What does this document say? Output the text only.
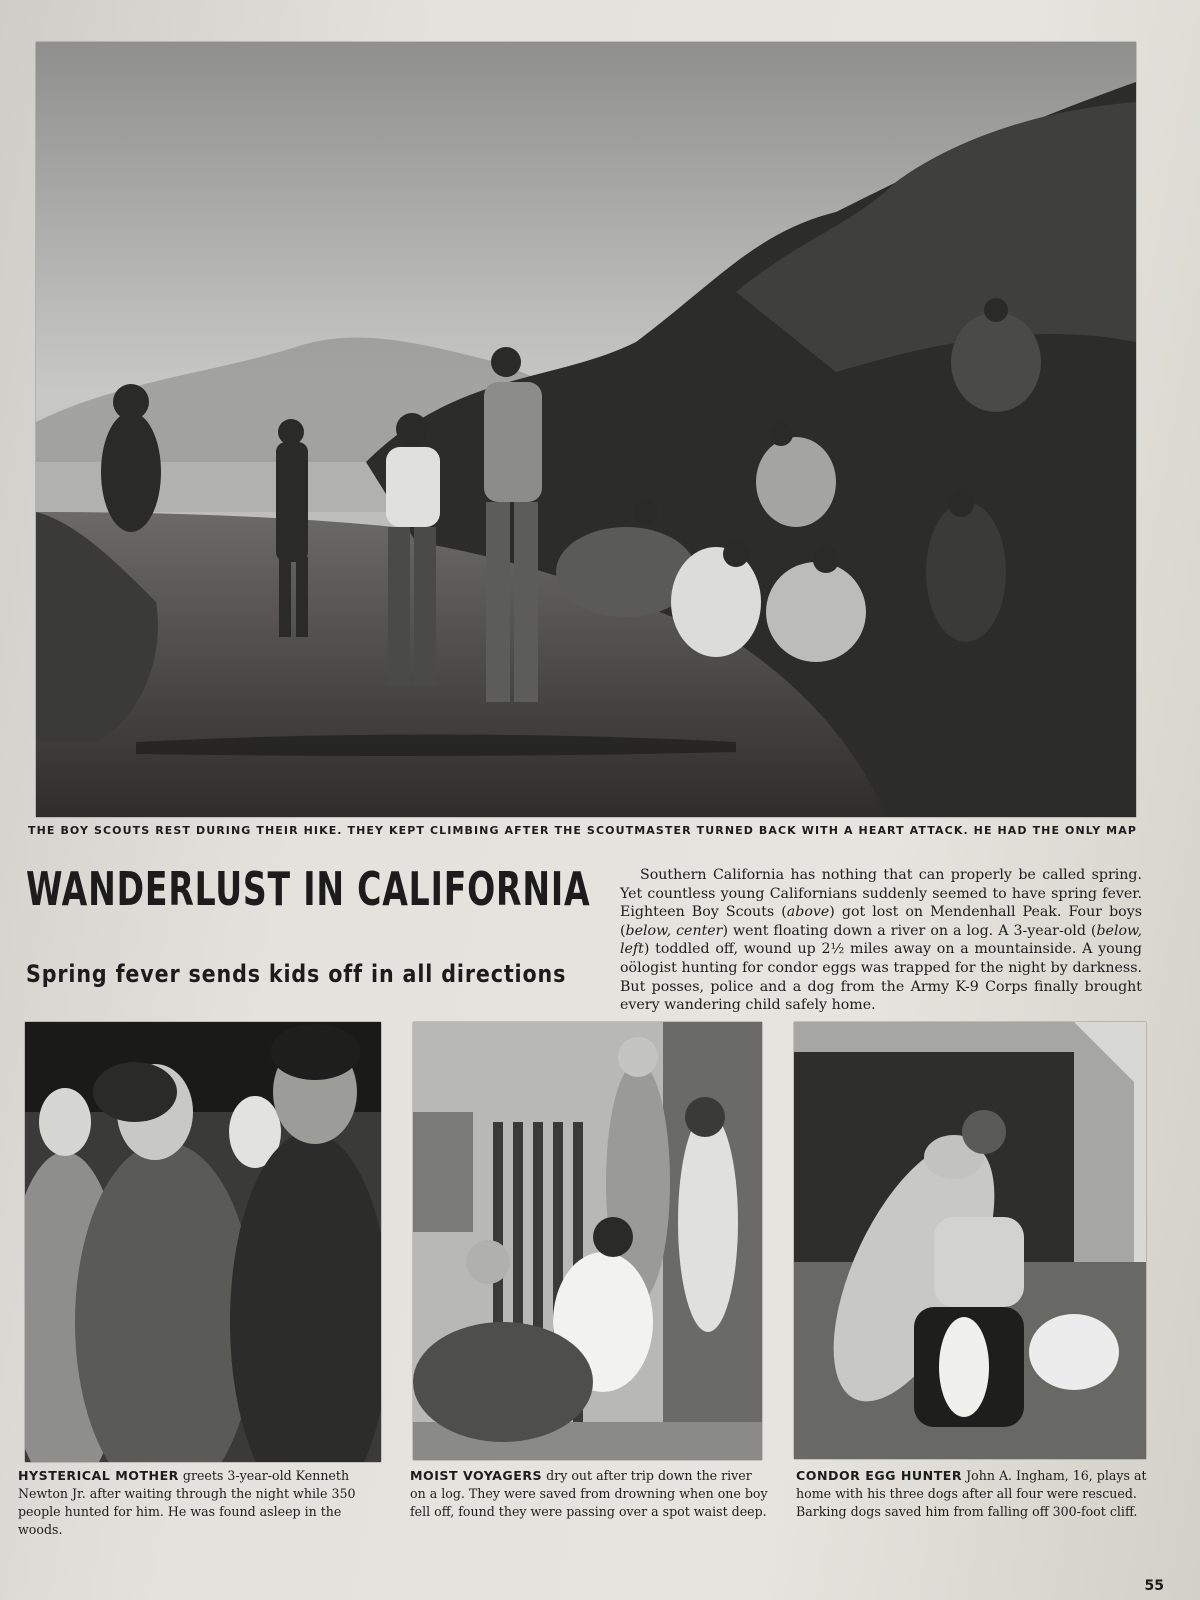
THE BOY SCOUTS REST DURING THEIR HIKE. THEY KEPT CLIMBING AFTER THE SCOUTMASTER TURNED BACK WITH A HEART ATTACK. HE HAD THE ONLY MAP
WANDERLUST IN CALIFORNIA
Spring fever sends kids off in all directions

Southern California has nothing that can properly be called spring. Yet countless young Californians suddenly seemed to have spring fever. Eighteen Boy Scouts (above) got lost on Mendenhall Peak. Four boys (below, center) went floating down a river on a log. A 3-year-old (below, left) toddled off, wound up 2½ miles away on a mountainside. A young oölogist hunting for condor eggs was trapped for the night by darkness. But posses, police and a dog from the Army K-9 Corps finally brought every wandering child safely home.

HYSTERICAL MOTHER greets 3-year-old Kenneth Newton Jr. after waiting through the night while 350 people hunted for him. He was found asleep in the woods.

MOIST VOYAGERS dry out after trip down the river on a log. They were saved from drowning when one boy fell off, found they were passing over a spot waist deep.

CONDOR EGG HUNTER John A. Ingham, 16, plays at home with his three dogs after all four were rescued. Barking dogs saved him from falling off 300-foot cliff.

55
